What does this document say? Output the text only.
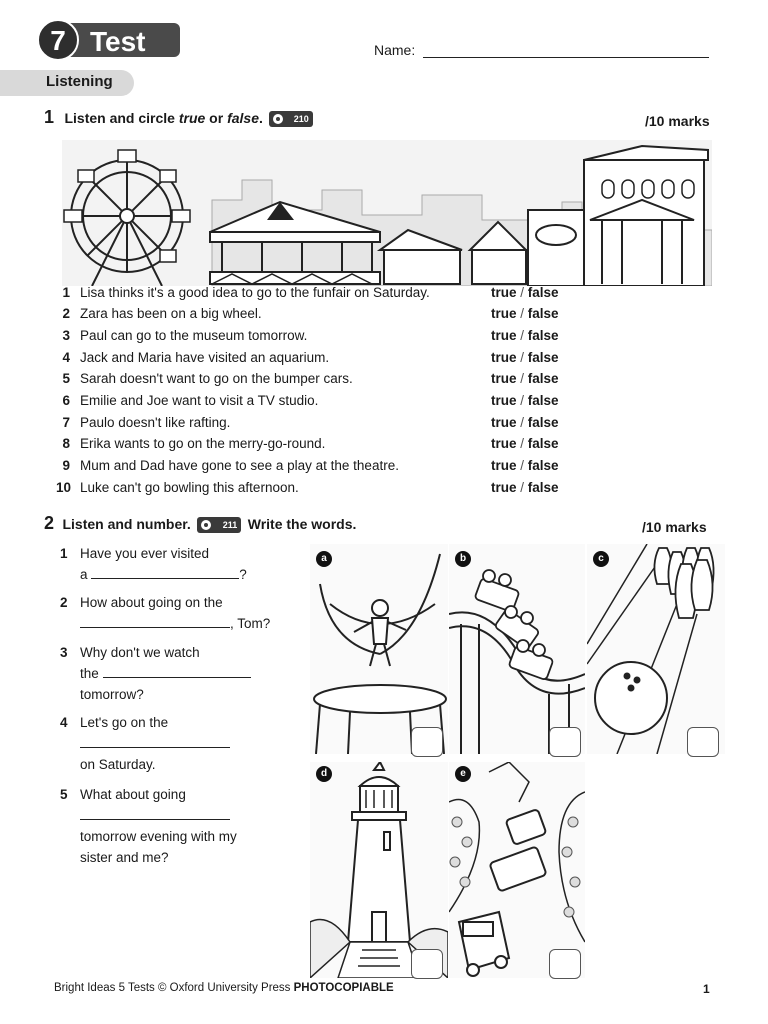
7 Test	Name:
Listening
1 Listen and circle true or false.	210	/10 marks
1 Lisa thinks it's a good idea to go to the funfair on Saturday.	true / false
2 Zara has been on a big wheel.	true / false
3 Paul can go to the museum tomorrow.	true / false
4 Jack and Maria have visited an aquarium.	true / false
5 Sarah doesn't want to go on the bumper cars.	true / false
6 Emilie and Joe want to visit a TV studio.	true / false
7 Paulo doesn't like rafting.	true / false
8 Erika wants to go on the merry-go-round.	true / false
9 Mum and Dad have gone to see a play at the theatre.	true / false
10 Luke can't go bowling this afternoon.	true / false
2 Listen and number.	211 Write the words.	/10 marks
1 Have you ever visited
a	?
2 How about going on the
, Tom?
3 Why don't we watch
the
tomorrow?
4 Let's go on the
on Saturday.
5 What about going
tomorrow evening with my
sister and me?
a	b	c
d	e
Bright Ideas 5 Tests © Oxford University Press PHOTOCOPIABLE	1
